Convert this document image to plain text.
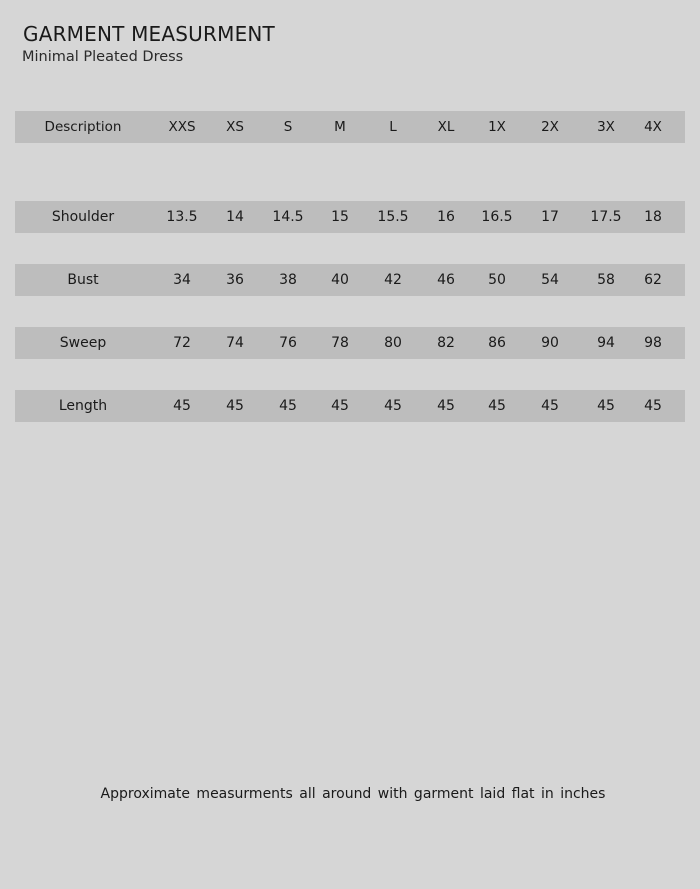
GARMENT MEASURMENT
Minimal Pleated Dress
Description	XXS XS	S	M	L	XL 1X	2X	3X 4X
Shoulder	13.5 14 14.5 15 15.5 16 16.5 17 17.5 18
Bust	34	36	38 40	42	46 50	54	58 62
Sweep	72	74	76 78	80	82 86	90	94 98
Length	45	45	45 45	45	45 45	45	45 45
Approximate measurments all around with garment laid flat in inches
